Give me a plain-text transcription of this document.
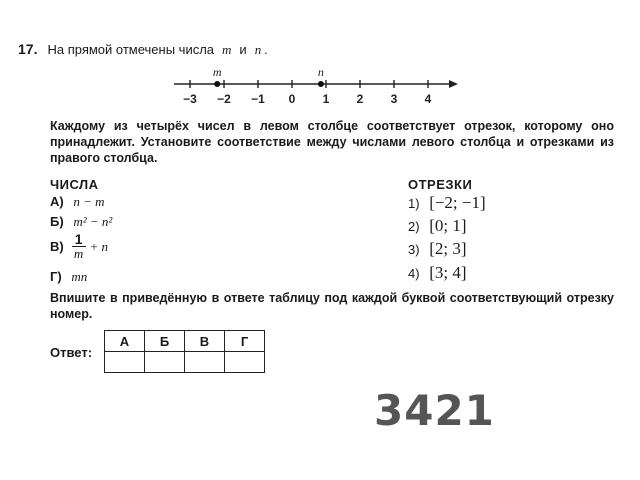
17. На прямой отмечены числа m и n .
−3 −2 −1 0 1 2 3 4
m	n
Каждому из четырёх чисел в левом столбце соответствует отрезок, которому оно принадлежит. Установите соответствие между числами левого столбца и отрезками из правого столбца.
ЧИСЛА
А) n − m
Б) m² − n²
$В) \frac{1}{m} + n$
Г) mn
ОТРЕЗКИ
1) [−2; −1]
2) [0; 1]
3) [2; 3]
4) [3; 4]
Впишите в приведённую в ответе таблицу под каждой буквой соответствующий отрезку номер.
Ответ:
А	Б	В	Г

3421
